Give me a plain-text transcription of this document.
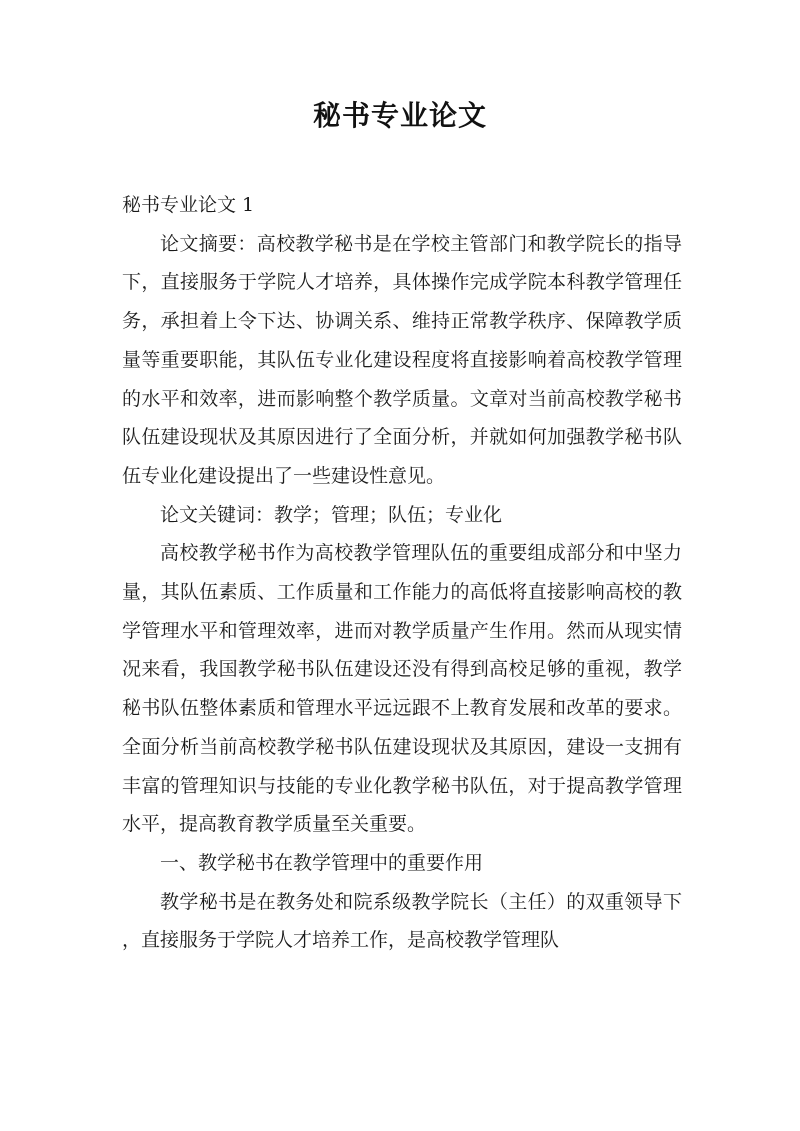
秘书专业论文

秘书专业论文 1

论文摘要：高校教学秘书是在学校主管部门和教学院长的指导下，直接服务于学院人才培养，具体操作完成学院本科教学管理任务，承担着上令下达、协调关系、维持正常教学秩序、保障教学质量等重要职能，其队伍专业化建设程度将直接影响着高校教学管理的水平和效率，进而影响整个教学质量。文章对当前高校教学秘书队伍建设现状及其原因进行了全面分析，并就如何加强教学秘书队伍专业化建设提出了一些建设性意见。

论文关键词：教学；管理；队伍；专业化

高校教学秘书作为高校教学管理队伍的重要组成部分和中坚力量，其队伍素质、工作质量和工作能力的高低将直接影响高校的教学管理水平和管理效率，进而对教学质量产生作用。然而从现实情况来看，我国教学秘书队伍建设还没有得到高校足够的重视，教学秘书队伍整体素质和管理水平远远跟不上教育发展和改革的要求。全面分析当前高校教学秘书队伍建设现状及其原因，建设一支拥有丰富的管理知识与技能的专业化教学秘书队伍，对于提高教学管理水平，提高教育教学质量至关重要。

一、教学秘书在教学管理中的重要作用

教学秘书是在教务处和院系级教学院长（主任）的双重领导下，直接服务于学院人才培养工作，是高校教学管理队
